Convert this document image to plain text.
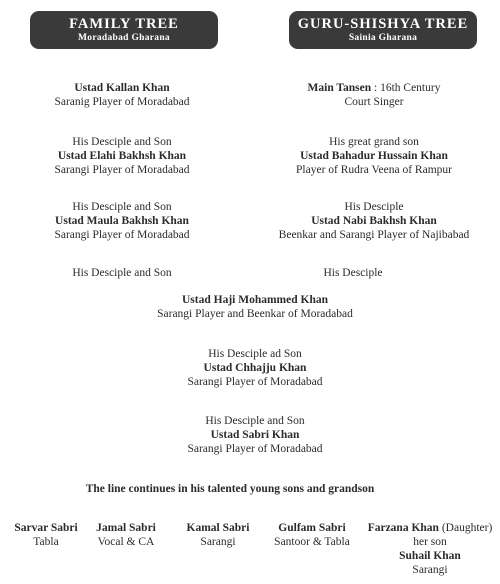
FAMILY TREE
Moradabad Gharana
GURU-SHISHYA TREE
Sainia Gharana
Ustad Kallan Khan
Saranig Player of Moradabad
His Desciple and Son
Ustad Elahi Bakhsh Khan
Sarangi Player of Moradabad
His Desciple and Son
Ustad Maula Bakhsh Khan
Sarangi Player of Moradabad
His Desciple and Son
Main Tansen : 16th Century
Court Singer
His great grand son
Ustad Bahadur Hussain Khan
Player of Rudra Veena of Rampur
His Desciple
Ustad Nabi Bakhsh Khan
Beenkar and Sarangi Player of Najibabad
His Desciple
Ustad Haji Mohammed Khan
Sarangi Player and Beenkar of Moradabad
His Desciple ad Son
Ustad Chhajju Khan
Sarangi Player of Moradabad
His Desciple and Son
Ustad Sabri Khan
Sarangi Player of Moradabad
The line continues in his talented young sons and grandson
Sarvar Sabri
Tabla
Jamal Sabri
Vocal & CA
Kamal Sabri
Sarangi
Gulfam Sabri
Santoor & Tabla
Farzana Khan (Daughter)
her son
Suhail Khan
Sarangi
